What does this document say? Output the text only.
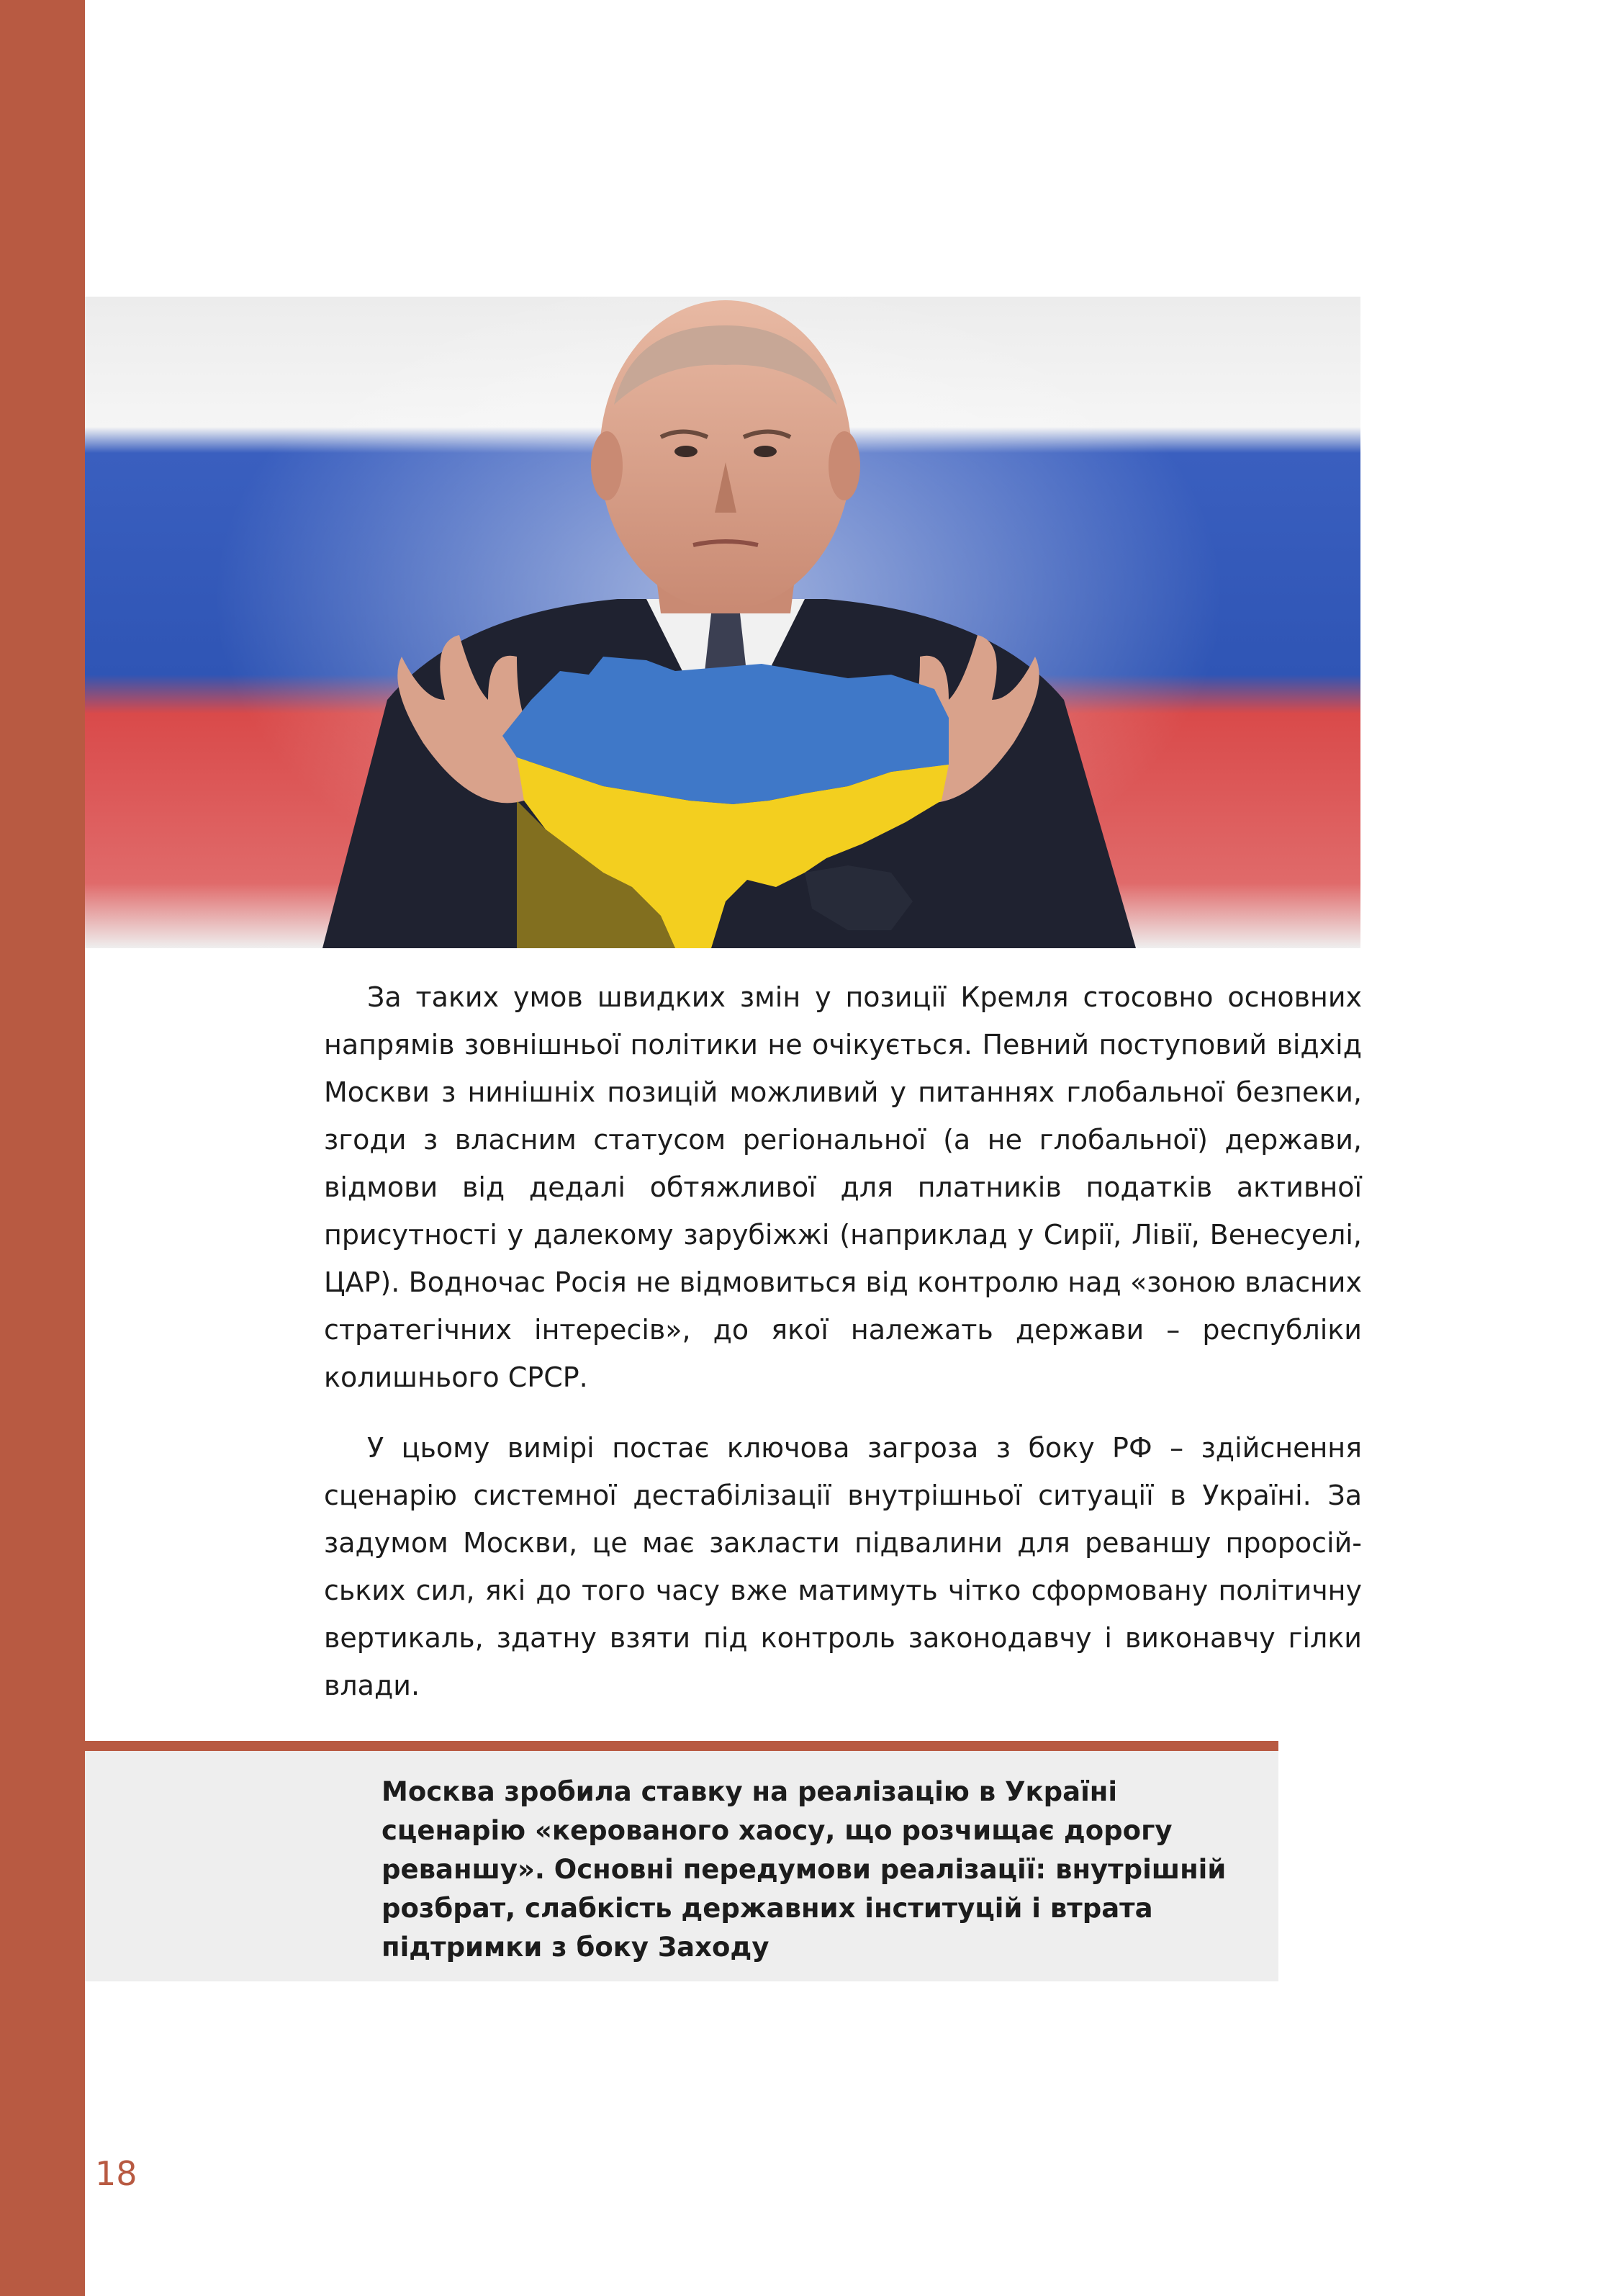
За таких умов швидких змін у позиції Кремля стосовно основних напрямів зовнішньої політики не очікується. Певний поступовий відхід Москви з нинішніх позицій можливий у питаннях глобальної безпеки, згоди з власним статусом регіональної (а не глобальної) держави, відмови від дедалі обтяжливої для платників податків активної присутності у далекому зарубіжжі (наприклад у Сирії, Лівії, Венесуелі, ЦАР). Водночас Росія не відмовиться від контролю над «зоною власних стратегічних інтересів», до якої належать держави – республіки колишнього СРСР.

У цьому вимірі постає ключова загроза з боку РФ – здійснення сценарію системної дестабілізації внутрішньої ситуації в Україні. За задумом Москви, це має закласти підвалини для реваншу проросійських сил, які до того часу вже матимуть чітко сформовану політичну вертикаль, здатну взяти під контроль законодавчу і виконавчу гілки влади.

Москва зробила ставку на реалізацію в Україні сценарію «керованого хаосу, що розчищає дорогу реваншу». Основні передумови реалізації: внутрішній розбрат, слабкість державних інституцій і втрата підтримки з боку Заходу
18
